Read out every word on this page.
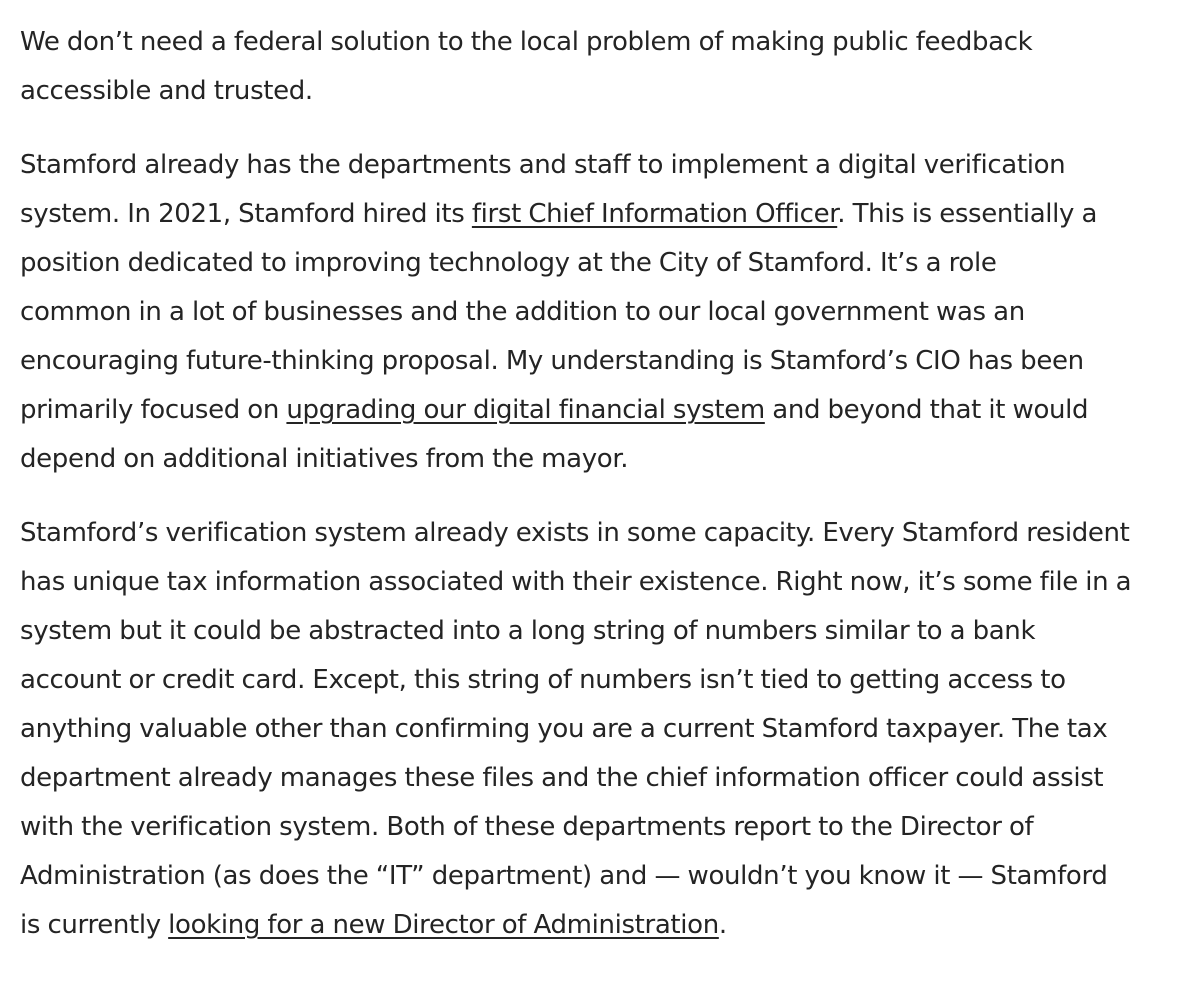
We don’t need a federal solution to the local problem of making public feedback
accessible and trusted.

Stamford already has the departments and staff to implement a digital verification
system. In 2021, Stamford hired its first Chief Information Officer. This is essentially a
position dedicated to improving technology at the City of Stamford. It’s a role
common in a lot of businesses and the addition to our local government was an
encouraging future-thinking proposal. My understanding is Stamford’s CIO has been
primarily focused on upgrading our digital financial system and beyond that it would
depend on additional initiatives from the mayor.

Stamford’s verification system already exists in some capacity. Every Stamford resident
has unique tax information associated with their existence. Right now, it’s some file in a
system but it could be abstracted into a long string of numbers similar to a bank
account or credit card. Except, this string of numbers isn’t tied to getting access to
anything valuable other than confirming you are a current Stamford taxpayer. The tax
department already manages these files and the chief information officer could assist
with the verification system. Both of these departments report to the Director of
Administration (as does the “IT” department) and — wouldn’t you know it — Stamford
is currently looking for a new Director of Administration.
